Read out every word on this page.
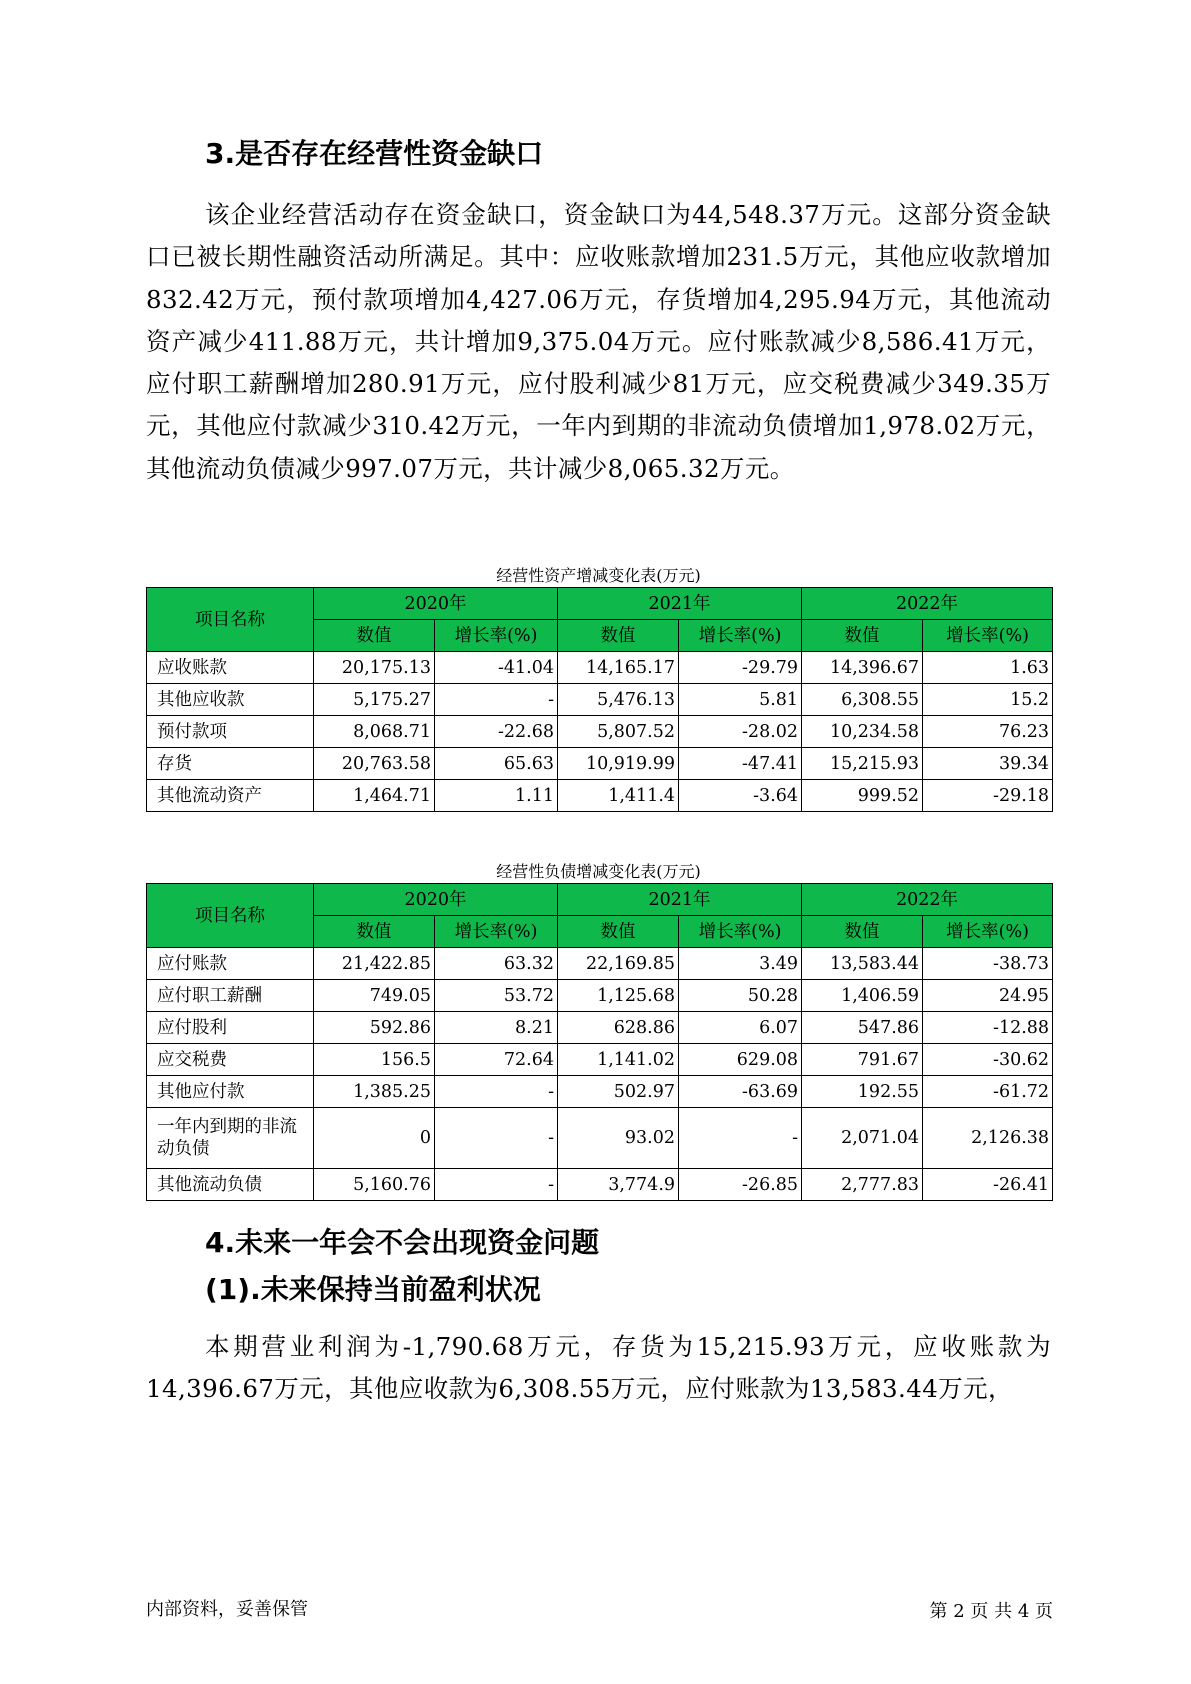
3.是否存在经营性资金缺口

该企业经营活动存在资金缺口，资金缺口为44,548.37万元。这部分资金缺口已被长期性融资活动所满足。其中：应收账款增加231.5万元，其他应收款增加832.42万元，预付款项增加4,427.06万元，存货增加4,295.94万元，其他流动资产减少411.88万元，共计增加9,375.04万元。应付账款减少8,586.41万元，应付职工薪酬增加280.91万元，应付股利减少81万元，应交税费减少349.35万元，其他应付款减少310.42万元，一年内到期的非流动负债增加1,978.02万元，其他流动负债减少997.07万元，共计减少8,065.32万元。

经营性资产增减变化表(万元)
项目名称	2020年		2021年		2022年	
	数值	增长率(%)	数值	增长率(%)	数值	增长率(%)
应收账款	20,175.13	-41.04	14,165.17	-29.79	14,396.67	1.63
其他应收款	5,175.27	-	5,476.13	5.81	6,308.55	15.2
预付款项	8,068.71	-22.68	5,807.52	-28.02	10,234.58	76.23
存货	20,763.58	65.63	10,919.99	-47.41	15,215.93	39.34
其他流动资产	1,464.71	1.11	1,411.4	-3.64	999.52	-29.18
经营性负债增减变化表(万元)
项目名称	2020年		2021年		2022年	
	数值	增长率(%)	数值	增长率(%)	数值	增长率(%)
应付账款	21,422.85	63.32	22,169.85	3.49	13,583.44	-38.73
应付职工薪酬	749.05	53.72	1,125.68	50.28	1,406.59	24.95
应付股利	592.86	8.21	628.86	6.07	547.86	-12.88
应交税费	156.5	72.64	1,141.02	629.08	791.67	-30.62
其他应付款	1,385.25	-	502.97	-63.69	192.55	-61.72
一年内到期的非流动负债	0	-	93.02	-	2,071.04	2,126.38
其他流动负债	5,160.76	-	3,774.9	-26.85	2,777.83	-26.41
4.未来一年会不会出现资金问题
(1).未来保持当前盈利状况

本期营业利润为-1,790.68万元，存货为15,215.93万元，应收账款为14,396.67万元，其他应收款为6,308.55万元，应付账款为13,583.44万元，

内部资料，妥善保管	第 2 页 共 4 页
